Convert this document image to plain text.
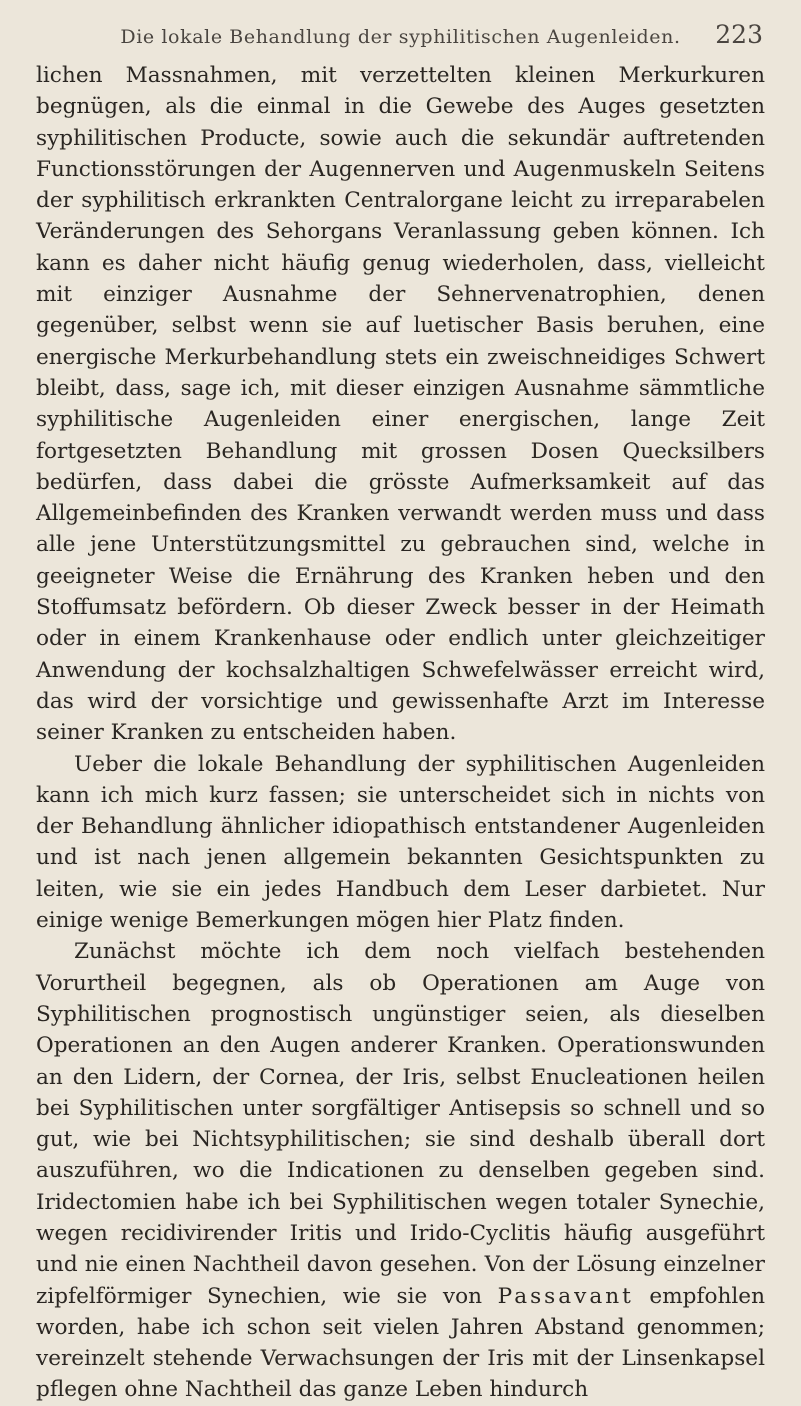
Die lokale Behandlung der syphilitischen Augenleiden.	223

lichen Massnahmen, mit verzettelten kleinen Merkurkuren begnügen, als die einmal in die Gewebe des Auges gesetzten syphilitischen Producte, sowie auch die sekundär auftretenden Functionsstörungen der Augennerven und Augenmuskeln Seitens der syphilitisch erkrankten Centralorgane leicht zu irreparabelen Veränderungen des Sehorgans Veranlassung geben können. Ich kann es daher nicht häufig genug wiederholen, dass, vielleicht mit einziger Ausnahme der Sehnervenatrophien, denen gegenüber, selbst wenn sie auf luetischer Basis beruhen, eine energische Merkurbehandlung stets ein zweischneidiges Schwert bleibt, dass, sage ich, mit dieser einzigen Ausnahme sämmtliche syphilitische Augenleiden einer energischen, lange Zeit fortgesetzten Behandlung mit grossen Dosen Quecksilbers bedürfen, dass dabei die grösste Aufmerksamkeit auf das Allgemeinbefinden des Kranken verwandt werden muss und dass alle jene Unterstützungsmittel zu gebrauchen sind, welche in geeigneter Weise die Ernährung des Kranken heben und den Stoffumsatz befördern. Ob dieser Zweck besser in der Heimath oder in einem Krankenhause oder endlich unter gleichzeitiger Anwendung der kochsalzhaltigen Schwefelwässer erreicht wird, das wird der vorsichtige und gewissenhafte Arzt im Interesse seiner Kranken zu entscheiden haben.

Ueber die lokale Behandlung der syphilitischen Augenleiden kann ich mich kurz fassen; sie unterscheidet sich in nichts von der Behandlung ähnlicher idiopathisch entstandener Augenleiden und ist nach jenen allgemein bekannten Gesichtspunkten zu leiten, wie sie ein jedes Handbuch dem Leser darbietet. Nur einige wenige Bemerkungen mögen hier Platz finden.

Zunächst möchte ich dem noch vielfach bestehenden Vorurtheil begegnen, als ob Operationen am Auge von Syphilitischen prognostisch ungünstiger seien, als dieselben Operationen an den Augen anderer Kranken. Operationswunden an den Lidern, der Cornea, der Iris, selbst Enucleationen heilen bei Syphilitischen unter sorgfältiger Antisepsis so schnell und so gut, wie bei Nichtsyphilitischen; sie sind deshalb überall dort auszuführen, wo die Indicationen zu denselben gegeben sind. Iridectomien habe ich bei Syphilitischen wegen totaler Synechie, wegen recidivirender Iritis und Irido-Cyclitis häufig ausgeführt und nie einen Nachtheil davon gesehen. Von der Lösung einzelner zipfelförmiger Synechien, wie sie von Passavant empfohlen worden, habe ich schon seit vielen Jahren Abstand genommen; vereinzelt stehende Verwachsungen der Iris mit der Linsenkapsel pflegen ohne Nachtheil das ganze Leben hindurch
